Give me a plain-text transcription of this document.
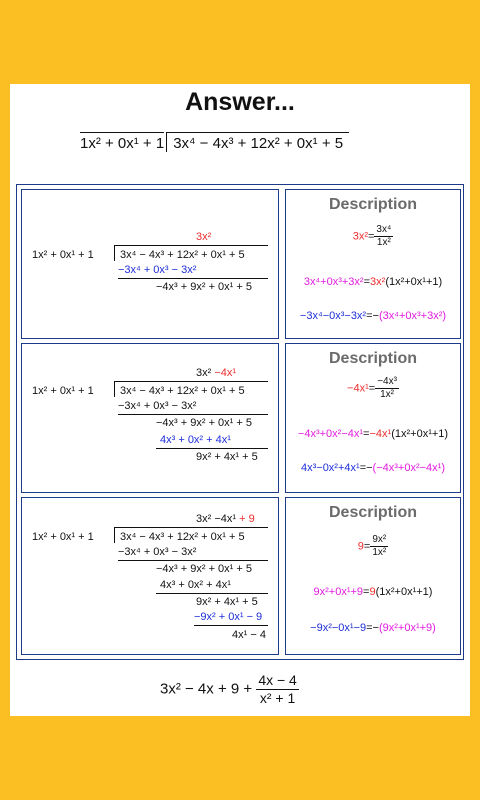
Answer...
1x² + 0x¹ + 1 3x⁴ − 4x³ + 12x² + 0x¹ + 5
3x²
1x² + 0x¹ + 1 3x⁴ − 4x³ + 12x² + 0x¹ + 5
−3x⁴ + 0x³ − 3x²
−4x³ + 9x² + 0x¹ + 5
3x² −4x¹
1x² + 0x¹ + 1 3x⁴ − 4x³ + 12x² + 0x¹ + 5
−3x⁴ + 0x³ − 3x²
−4x³ + 9x² + 0x¹ + 5
4x³ + 0x² + 4x¹
9x² + 4x¹ + 5
3x² −4x¹ + 9
1x² + 0x¹ + 1 3x⁴ − 4x³ + 12x² + 0x¹ + 5
−3x⁴ + 0x³ − 3x²
−4x³ + 9x² + 0x¹ + 5
4x³ + 0x² + 4x¹
9x² + 4x¹ + 5
−9x² + 0x¹ − 9
4x¹ − 4
Description
$3x^2= \frac{\text{3x⁴}}{\text{1x²}}$
3x⁴+0x³+3x²=3x²(1x²+0x¹+1)
−3x⁴−0x³−3x²=−(3x⁴+0x³+3x²)
Description
$-4x^1= \frac{\text{−4x³}}{\text{1x²}}$
−4x³+0x²−4x¹=−4x¹(1x²+0x¹+1)
4x³−0x²+4x¹=−(−4x³+0x²−4x¹)
Description
$9= \frac{\text{9x²}}{\text{1x²}}$
9x²+0x¹+9=9(1x²+0x¹+1)
−9x²−0x¹−9=−(9x²+0x¹+9)
$3x^2 - 4x + 9 + \frac{4x - 4}{\text{x² + 1}}$
